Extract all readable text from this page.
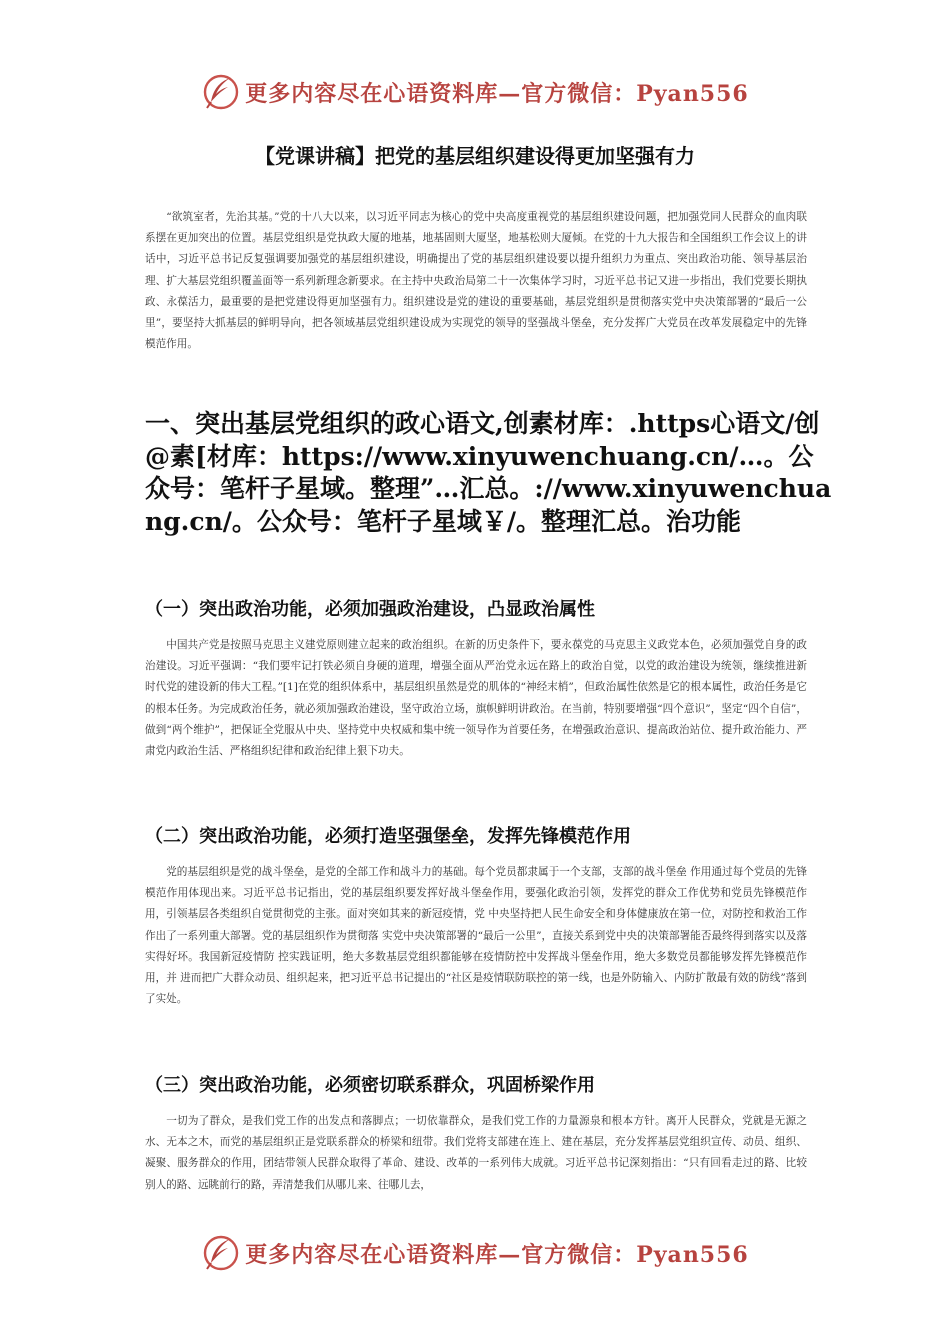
更多内容尽在心语资料库—官方微信：Pyan556
【党课讲稿】把党的基层组织建设得更加坚强有力

“欲筑室者，先治其基。”党的十八大以来，以习近平同志为核心的党中央高度重视党的基层组织建设问题，把加强党同人民群众的血肉联系摆在更加突出的位置。基层党组织是党执政大厦的地基，地基固则大厦坚，地基松则大厦倾。在党的十九大报告和全国组织工作会议上的讲话中，习近平总书记反复强调要加强党的基层组织建设，明确提出了党的基层组织建设要以提升组织力为重点、突出政治功能、领导基层治理、扩大基层党组织覆盖面等一系列新理念新要求。在主持中央政治局第二十一次集体学习时，习近平总书记又进一步指出，我们党要长期执政、永葆活力，最重要的是把党建设得更加坚强有力。组织建设是党的建设的重要基础，基层党组织是贯彻落实党中央决策部署的“最后一公里”，要坚持大抓基层的鲜明导向，把各领域基层党组织建设成为实现党的领导的坚强战斗堡垒，充分发挥广大党员在改革发展稳定中的先锋模范作用。

一、突出基层党组织的政心语文,创素材库：.https心语文/创@素[材库：https://www.xinyuwenchuang.cn/…。公众号：笔杆子星域。整理”…汇总。://www.xinyuwenchuang.cn/。公众号：笔杆子星域￥/。整理汇总。治功能
（一）突出政治功能，必须加强政治建设，凸显政治属性

中国共产党是按照马克思主义建党原则建立起来的政治组织。在新的历史条件下，要永葆党的马克思主义政党本色，必须加强党自身的政治建设。习近平强调：“我们要牢记打铁必须自身硬的道理，增强全面从严治党永远在路上的政治自觉，以党的政治建设为统领，继续推进新时代党的建设新的伟大工程。”[1]在党的组织体系中，基层组织虽然是党的肌体的“神经末梢”，但政治属性依然是它的根本属性，政治任务是它的根本任务。为完成政治任务，就必须加强政治建设，坚守政治立场，旗帜鲜明讲政治。在当前，特别要增强“四个意识”，坚定“四个自信”，做到“两个维护”，把保证全党服从中央、坚持党中央权威和集中统一领导作为首要任务，在增强政治意识、提高政治站位、提升政治能力、严肃党内政治生活、严格组织纪律和政治纪律上狠下功夫。

（二）突出政治功能，必须打造坚强堡垒，发挥先锋模范作用

党的基层组织是党的战斗堡垒，是党的全部工作和战斗力的基础。每个党员都隶属于一个支部，支部的战斗堡垒 作用通过每个党员的先锋模范作用体现出来。习近平总书记指出，党的基层组织要发挥好战斗堡垒作用，要强化政治引领，发挥党的群众工作优势和党员先锋模范作用，引领基层各类组织自觉贯彻党的主张。面对突如其来的新冠疫情，党 中央坚持把人民生命安全和身体健康放在第一位，对防控和救治工作作出了一系列重大部署。党的基层组织作为贯彻落 实党中央决策部署的“最后一公里”，直接关系到党中央的决策部署能否最终得到落实以及落实得好坏。我国新冠疫情防 控实践证明，绝大多数基层党组织都能够在疫情防控中发挥战斗堡垒作用，绝大多数党员都能够发挥先锋模范作用，并 进而把广大群众动员、组织起来，把习近平总书记提出的“社区是疫情联防联控的第一线，也是外防输入、内防扩散最有效的防线”落到了实处。

（三）突出政治功能，必须密切联系群众，巩固桥梁作用

一切为了群众，是我们党工作的出发点和落脚点；一切依靠群众，是我们党工作的力量源泉和根本方针。离开人民群众，党就是无源之水、无本之木，而党的基层组织正是党联系群众的桥梁和纽带。我们党将支部建在连上、建在基层，充分发挥基层党组织宣传、动员、组织、凝聚、服务群众的作用，团结带领人民群众取得了革命、建设、改革的一系列伟大成就。习近平总书记深刻指出：“只有回看走过的路、比较别人的路、远眺前行的路，弄清楚我们从哪儿来、往哪儿去，

更多内容尽在心语资料库—官方微信：Pyan556
